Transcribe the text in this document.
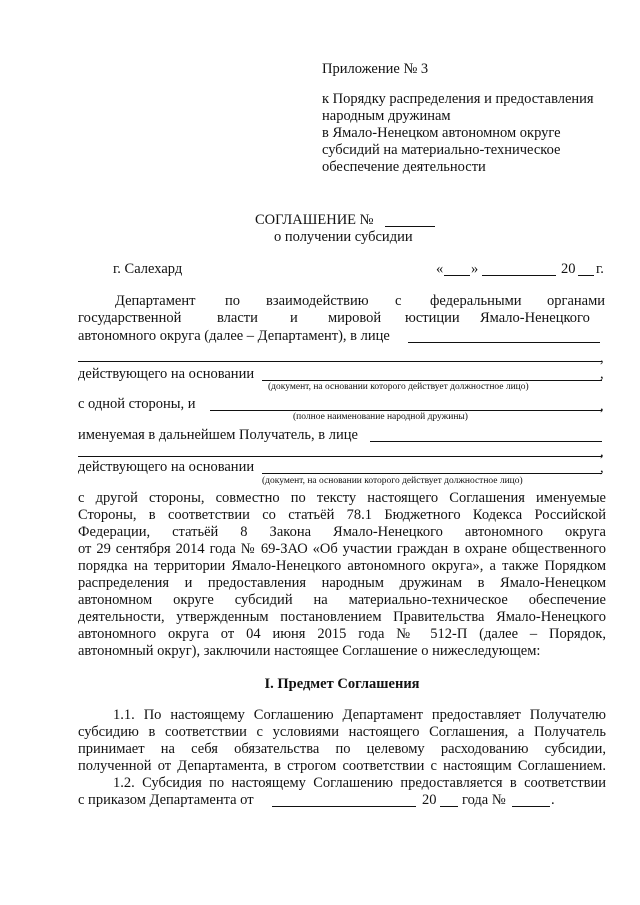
Приложение № 3
к Порядку распределения и предоставления
народным дружинам
в Ямало-Ненецком автономном округе
субсидий на материально-техническое
обеспечение деятельности
СОГЛАШЕНИЕ №
о получении субсидии
г. Салехард	« »	20 г.
Департамент по взаимодействию с федеральными органами
государственной власти и мировой юстиции Ямало-Ненецкого
автономного округа (далее – Департамент), в лице
,
действующего на основании	,
(документ, на основании которого действует должностное лицо)
с одной стороны, и	,
(полное наименование народной дружины)
именуемая в дальнейшем Получатель, в лице
,
действующего на основании	,
(документ, на основании которого действует должностное лицо)
с другой стороны, совместно по тексту настоящего Соглашения именуемые
Стороны, в соответствии со статьёй 78.1 Бюджетного Кодекса Российской
Федерации, статьёй 8 Закона Ямало-Ненецкого автономного округа
от 29 сентября 2014 года № 69-ЗАО «Об участии граждан в охране общественного
порядка на территории Ямало-Ненецкого автономного округа», а также Порядком
распределения и предоставления народным дружинам в Ямало-Ненецком
автономном округе субсидий на материально-техническое обеспечение
деятельности, утвержденным постановлением Правительства Ямало-Ненецкого
автономного округа от 04 июня 2015 года № 512-П (далее – Порядок,
автономный округ), заключили настоящее Соглашение о нижеследующем:
I. Предмет Соглашения
1.1. По настоящему Соглашению Департамент предоставляет Получателю
субсидию в соответствии с условиями настоящего Соглашения, а Получатель
принимает на себя обязательства по целевому расходованию субсидии,
полученной от Департамента, в строгом соответствии с настоящим Соглашением.
1.2. Субсидия по настоящему Соглашению предоставляется в соответствии
с приказом Департамента от	20 года №	.
